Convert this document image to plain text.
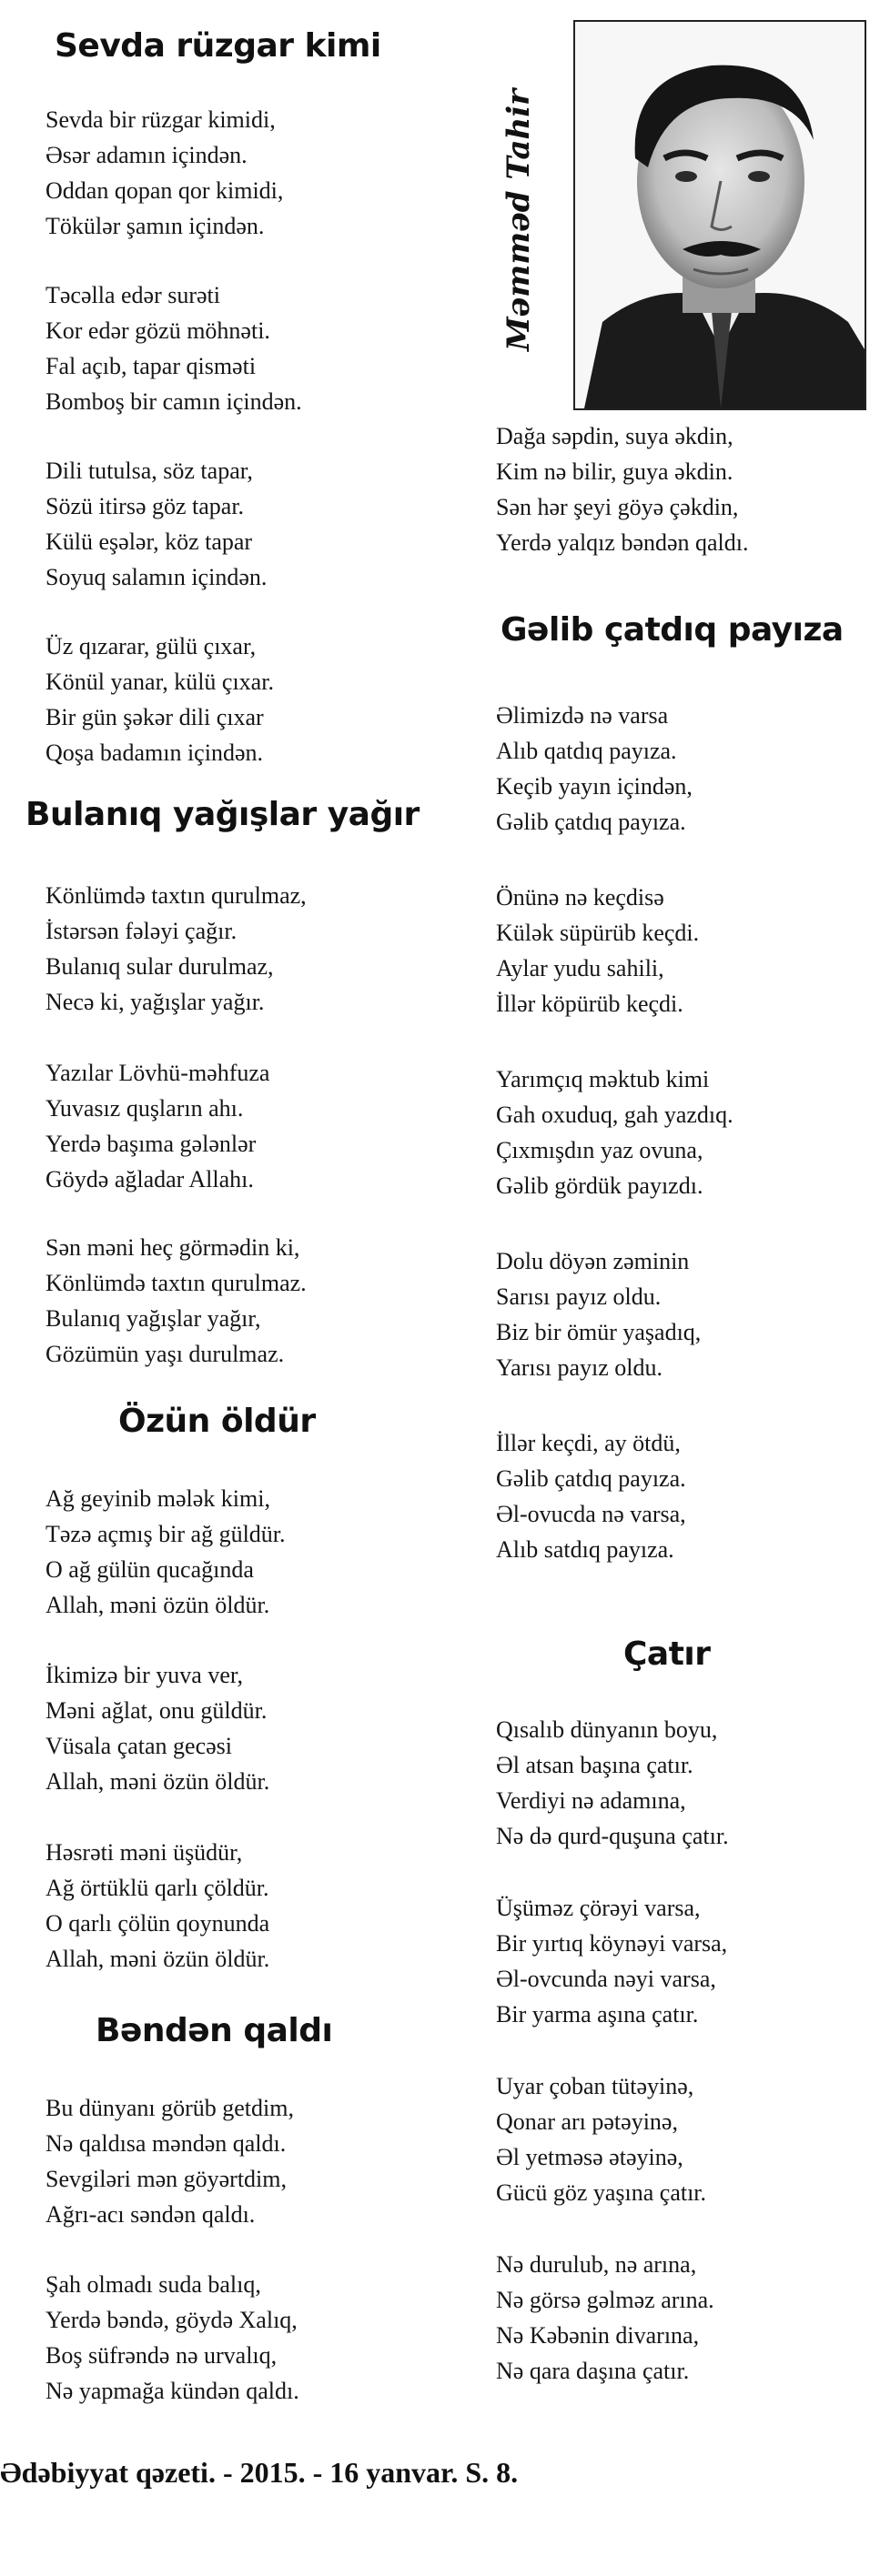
Sevda rüzgar kimi
Sevda bir rüzgar kimidi,
Əsər adamın içindən.
Oddan qopan qor kimidi,
Tökülər şamın içindən.
Təcəlla edər surəti
Kor edər gözü möhnəti.
Fal açıb, tapar qisməti
Bomboş bir camın içindən.
Dili tutulsa, söz tapar,
Sözü itirsə göz tapar.
Külü eşələr, köz tapar
Soyuq salamın içindən.
Üz qızarar, gülü çıxar,
Könül yanar, külü çıxar.
Bir gün şəkər dili çıxar
Qoşa badamın içindən.
Bulanıq yağışlar yağır
Könlümdə taxtın qurulmaz,
İstərsən fələyi çağır.
Bulanıq sular durulmaz,
Necə ki, yağışlar yağır.
Yazılar Lövhü-məhfuza
Yuvasız quşların ahı.
Yerdə başıma gələnlər
Göydə ağladar Allahı.
Sən məni heç görmədin ki,
Könlümdə taxtın qurulmaz.
Bulanıq yağışlar yağır,
Gözümün yaşı durulmaz.
Özün öldür
Ağ geyinib mələk kimi,
Təzə açmış bir ağ güldür.
O ağ gülün qucağında
Allah, məni özün öldür.
İkimizə bir yuva ver,
Məni ağlat, onu güldür.
Vüsala çatan gecəsi
Allah, məni özün öldür.
Həsrəti məni üşüdür,
Ağ örtüklü qarlı çöldür.
O qarlı çölün qoynunda
Allah, məni özün öldür.
Bəndən qaldı
Bu dünyanı görüb getdim,
Nə qaldısa məndən qaldı.
Sevgiləri mən göyərtdim,
Ağrı-acı səndən qaldı.
Şah olmadı suda balıq,
Yerdə bəndə, göydə Xalıq,
Boş süfrəndə nə urvalıq,
Nə yapmağa kündən qaldı.
Məmməd Tahir
Dağa səpdin, suya əkdin,
Kim nə bilir, guya əkdin.
Sən hər şeyi göyə çəkdin,
Yerdə yalqız bəndən qaldı.
Gəlib çatdıq payıza
Əlimizdə nə varsa
Alıb qatdıq payıza.
Keçib yayın içindən,
Gəlib çatdıq payıza.
Önünə nə keçdisə
Külək süpürüb keçdi.
Aylar yudu sahili,
İllər köpürüb keçdi.
Yarımçıq məktub kimi
Gah oxuduq, gah yazdıq.
Çıxmışdın yaz ovuna,
Gəlib gördük payızdı.
Dolu döyən zəminin
Sarısı payız oldu.
Biz bir ömür yaşadıq,
Yarısı payız oldu.
İllər keçdi, ay ötdü,
Gəlib çatdıq payıza.
Əl-ovucda nə varsa,
Alıb satdıq payıza.
Çatır
Qısalıb dünyanın boyu,
Əl atsan başına çatır.
Verdiyi nə adamına,
Nə də qurd-quşuna çatır.
Üşüməz çörəyi varsa,
Bir yırtıq köynəyi varsa,
Əl-ovcunda nəyi varsa,
Bir yarma aşına çatır.
Uyar çoban tütəyinə,
Qonar arı pətəyinə,
Əl yetməsə ətəyinə,
Gücü göz yaşına çatır.
Nə durulub, nə arına,
Nə görsə gəlməz arına.
Nə Kəbənin divarına,
Nə qara daşına çatır.
Ədəbiyyat qəzeti. - 2015. - 16 yanvar. S. 8.
